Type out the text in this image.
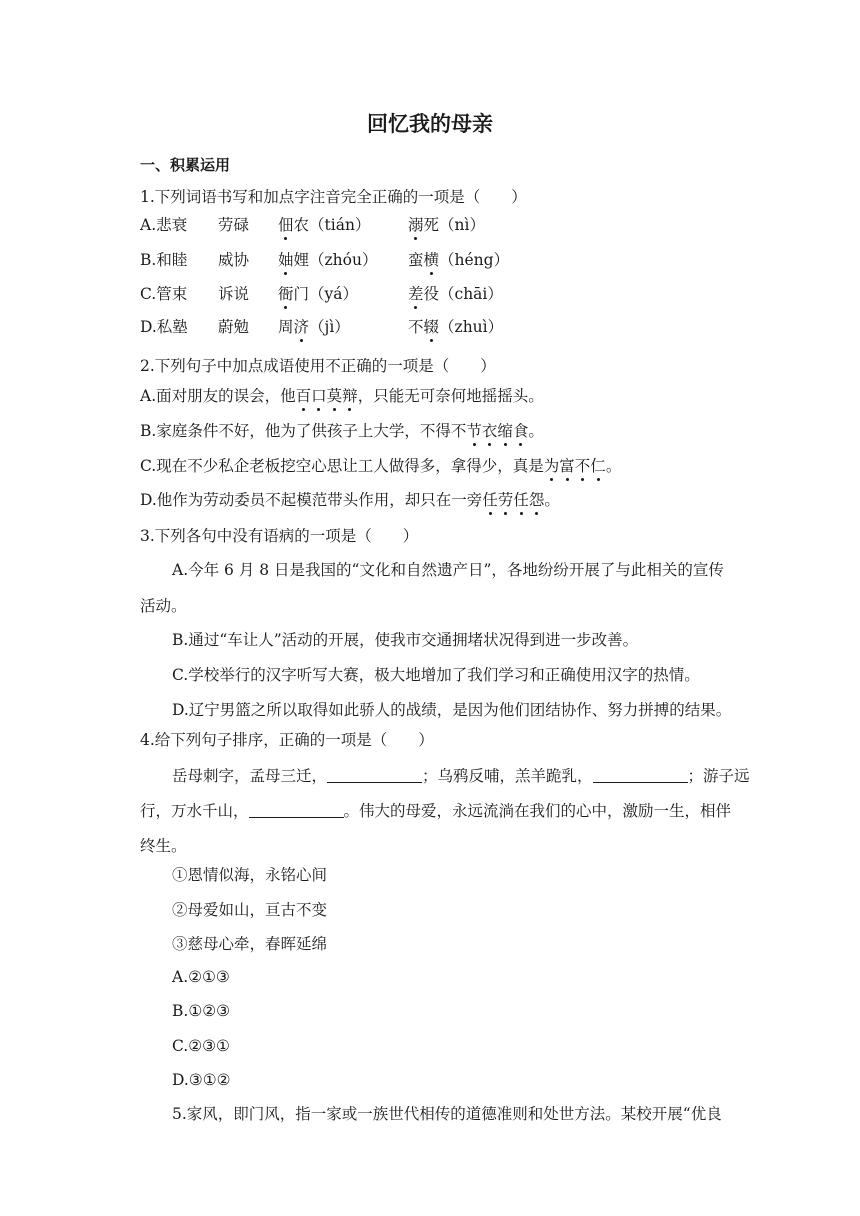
回忆我的母亲
一、积累运用
1.下列词语书写和加点字注音完全正确的一项是（　　）
A.悲衰 劳碌 佃农（tián） 溺死（nì）
B.和睦 威协 妯娌（zhóu） 蛮横（héng）
C.管束 诉说 衙门（yá）	差役（chāi）
D.私塾 蔚勉 周济（jì）	不辍（zhuì）
2.下列句子中加点成语使用不正确的一项是（　　）
A.面对朋友的误会，他百口莫辩，只能无可奈何地摇摇头。
B.家庭条件不好，他为了供孩子上大学，不得不节衣缩食。
C.现在不少私企老板挖空心思让工人做得多，拿得少，真是为富不仁。
D.他作为劳动委员不起模范带头作用，却只在一旁任劳任怨。
3.下列各句中没有语病的一项是（　　）
A.今年 6 月 8 日是我国的“文化和自然遗产日”，各地纷纷开展了与此相关的宣传
活动。
B.通过“车让人”活动的开展，使我市交通拥堵状况得到进一步改善。
C.学校举行的汉字听写大赛，极大地增加了我们学习和正确使用汉字的热情。
D.辽宁男篮之所以取得如此骄人的战绩，是因为他们团结协作、努力拼搏的结果。
4.给下列句子排序，正确的一项是（　　）
岳母刺字，孟母三迁，	；乌鸦反哺，羔羊跪乳，	；游子远
行，万水千山，	。伟大的母爱，永远流淌在我们的心中，激励一生，相伴
终生。
①恩情似海，永铭心间
②母爱如山，亘古不变
③慈母心牵，春晖延绵
A.②①③
B.①②③
C.②③①
D.③①②
5.家风，即门风，指一家或一族世代相传的道德准则和处世方法。某校开展“优良
